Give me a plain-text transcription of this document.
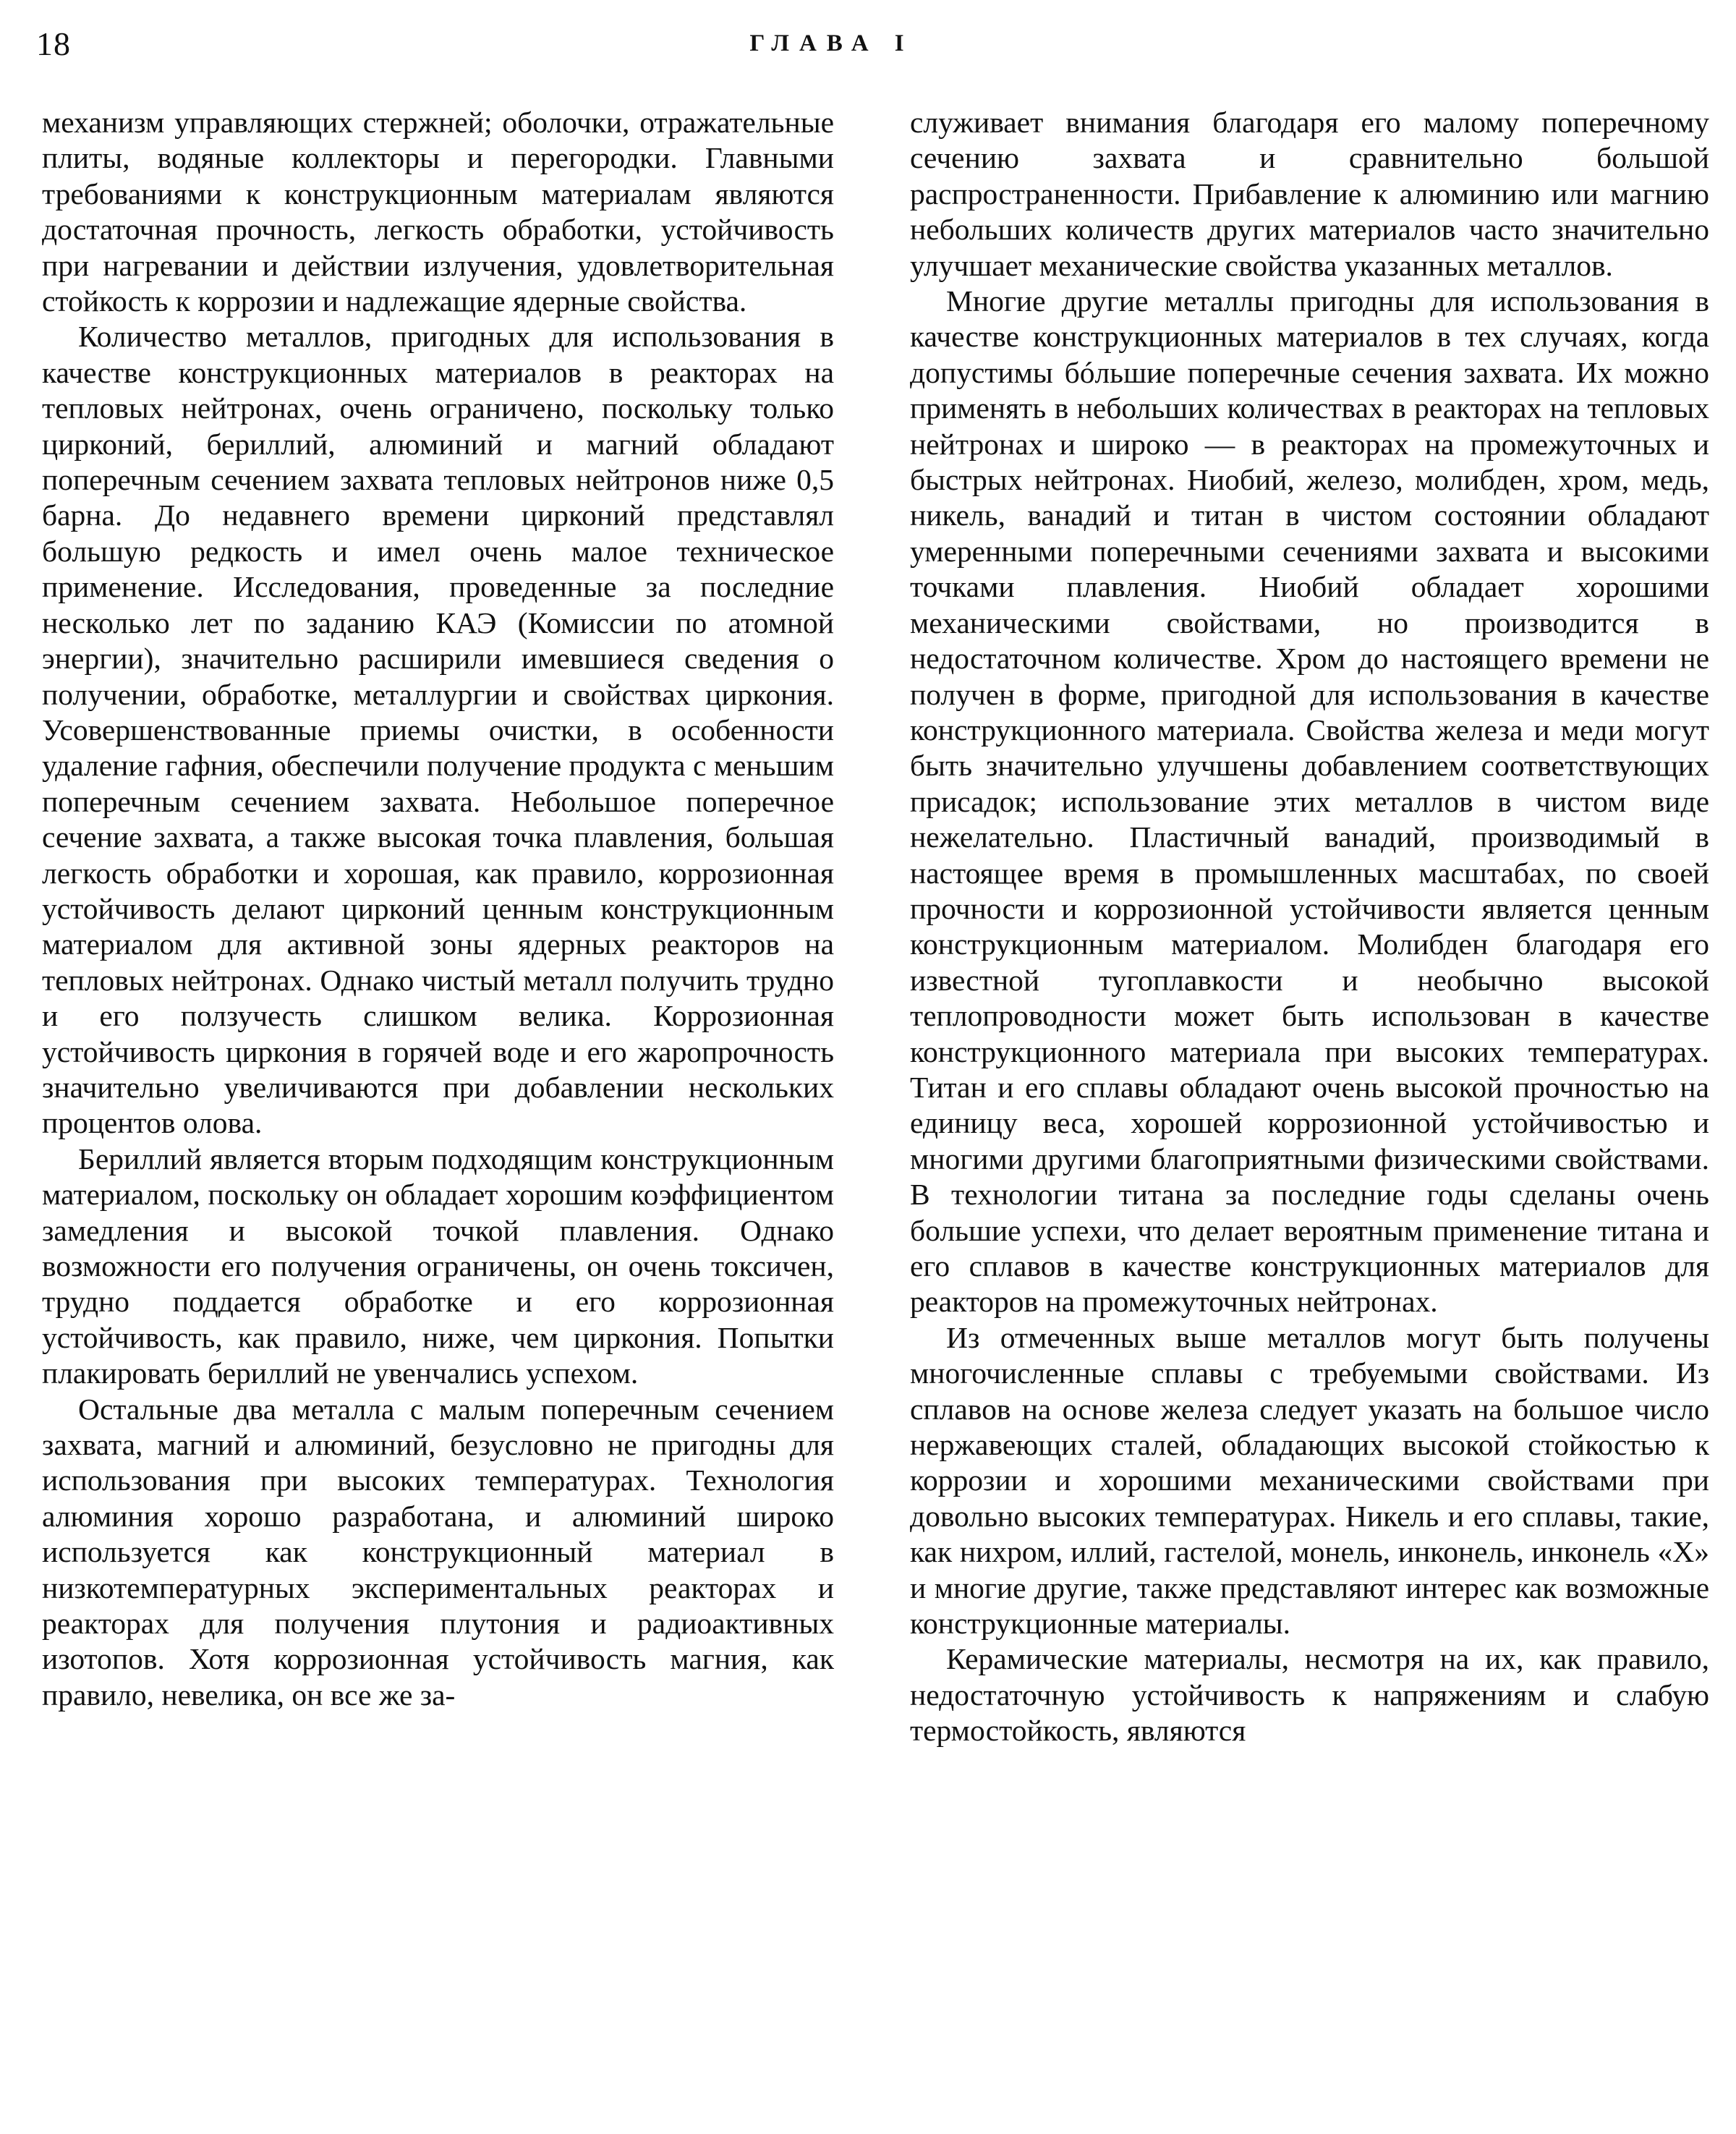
18	ГЛАВА I

механизм управляющих стержней; оболочки, отражательные плиты, водяные коллекторы и перегородки. Главными требованиями к конструкционным материалам являются достаточная прочность, легкость обработки, устойчивость при нагревании и действии излучения, удовлетворительная стойкость к коррозии и надлежащие ядерные свойства.

Количество металлов, пригодных для использования в качестве конструкционных материалов в реакторах на тепловых нейтронах, очень ограничено, поскольку только цирконий, бериллий, алюминий и магний обладают поперечным сечением захвата тепловых нейтронов ниже 0,5 барна. До недавнего времени цирконий представлял большую редкость и имел очень малое техническое применение. Исследования, проведенные за последние несколько лет по заданию КАЭ (Комиссии по атомной энергии), значительно расширили имевшиеся сведения о получении, обработке, металлургии и свойствах циркония. Усовершенствованные приемы очистки, в особенности удаление гафния, обеспечили получение продукта с меньшим поперечным сечением захвата. Небольшое поперечное сечение захвата, а также высокая точка плавления, большая легкость обработки и хорошая, как правило, коррозионная устойчивость делают цирконий ценным конструкционным материалом для активной зоны ядерных реакторов на тепловых нейтронах. Однако чистый металл получить трудно и его ползучесть слишком велика. Коррозионная устойчивость циркония в горячей воде и его жаропрочность значительно увеличиваются при добавлении нескольких процентов олова.

Бериллий является вторым подходящим конструкционным материалом, поскольку он обладает хорошим коэффициентом замедления и высокой точкой плавления. Однако возможности его получения ограничены, он очень токсичен, трудно поддается обработке и его коррозионная устойчивость, как правило, ниже, чем циркония. Попытки плакировать бериллий не увенчались успехом.

Остальные два металла с малым поперечным сечением захвата, магний и алюминий, безусловно не пригодны для использования при высоких температурах. Технология алюминия хорошо разработана, и алюминий широко используется как конструкционный материал в низкотемпературных экспериментальных реакторах и реакторах для получения плутония и радиоактивных изотопов. Хотя коррозионная устойчивость магния, как правило, невелика, он все же за-

служивает внимания благодаря его малому поперечному сечению захвата и сравнительно большой распространенности. Прибавление к алюминию или магнию небольших количеств других материалов часто значительно улучшает механические свойства указанных металлов.

Многие другие металлы пригодны для использования в качестве конструкционных материалов в тех случаях, когда допустимы бóльшие поперечные сечения захвата. Их можно применять в небольших количествах в реакторах на тепловых нейтронах и широко — в реакторах на промежуточных и быстрых нейтронах. Ниобий, железо, молибден, хром, медь, никель, ванадий и титан в чистом состоянии обладают умеренными поперечными сечениями захвата и высокими точками плавления. Ниобий обладает хорошими механическими свойствами, но производится в недостаточном количестве. Хром до настоящего времени не получен в форме, пригодной для использования в качестве конструкционного материала. Свойства железа и меди могут быть значительно улучшены добавлением соответствующих присадок; использование этих металлов в чистом виде нежелательно. Пластичный ванадий, производимый в настоящее время в промышленных масштабах, по своей прочности и коррозионной устойчивости является ценным конструкционным материалом. Молибден благодаря его известной тугоплавкости и необычно высокой теплопроводности может быть использован в качестве конструкционного материала при высоких температурах. Титан и его сплавы обладают очень высокой прочностью на единицу веса, хорошей коррозионной устойчивостью и многими другими благоприятными физическими свойствами. В технологии титана за последние годы сделаны очень большие успехи, что делает вероятным применение титана и его сплавов в качестве конструкционных материалов для реакторов на промежуточных нейтронах.

Из отмеченных выше металлов могут быть получены многочисленные сплавы с требуемыми свойствами. Из сплавов на основе железа следует указать на большое число нержавеющих сталей, обладающих высокой стойкостью к коррозии и хорошими механическими свойствами при довольно высоких температурах. Никель и его сплавы, такие, как нихром, иллий, гастелой, монель, инконель, инконель «X» и многие другие, также представляют интерес как возможные конструкционные материалы.

Керамические материалы, несмотря на их, как правило, недостаточную устойчивость к напряжениям и слабую термостойкость, являются
